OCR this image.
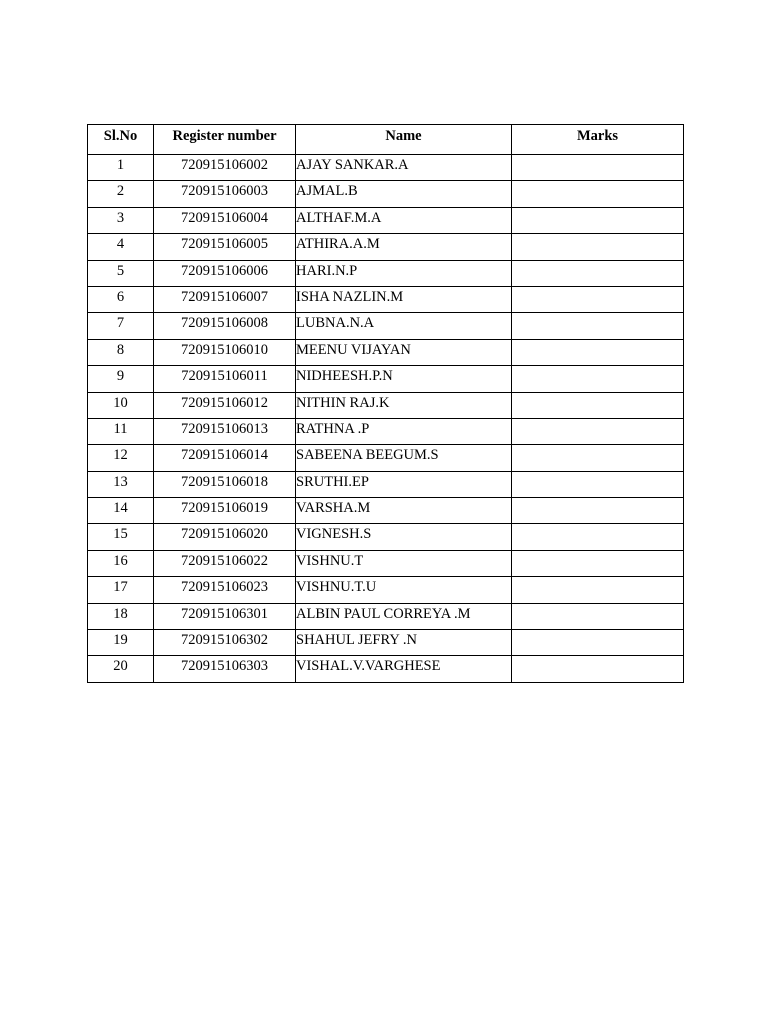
Sl.No	Register number	Name	Marks
1	720915106002	AJAY SANKAR.A	
2	720915106003	AJMAL.B	
3	720915106004	ALTHAF.M.A	
4	720915106005	ATHIRA.A.M	
5	720915106006	HARI.N.P	
6	720915106007	ISHA NAZLIN.M	
7	720915106008	LUBNA.N.A	
8	720915106010	MEENU VIJAYAN	
9	720915106011	NIDHEESH.P.N	
10	720915106012	NITHIN RAJ.K	
11	720915106013	RATHNA .P	
12	720915106014	SABEENA BEEGUM.S	
13	720915106018	SRUTHI.EP	
14	720915106019	VARSHA.M	
15	720915106020	VIGNESH.S	
16	720915106022	VISHNU.T	
17	720915106023	VISHNU.T.U	
18	720915106301	ALBIN PAUL CORREYA .M	
19	720915106302	SHAHUL JEFRY .N	
20	720915106303	VISHAL.V.VARGHESE	
